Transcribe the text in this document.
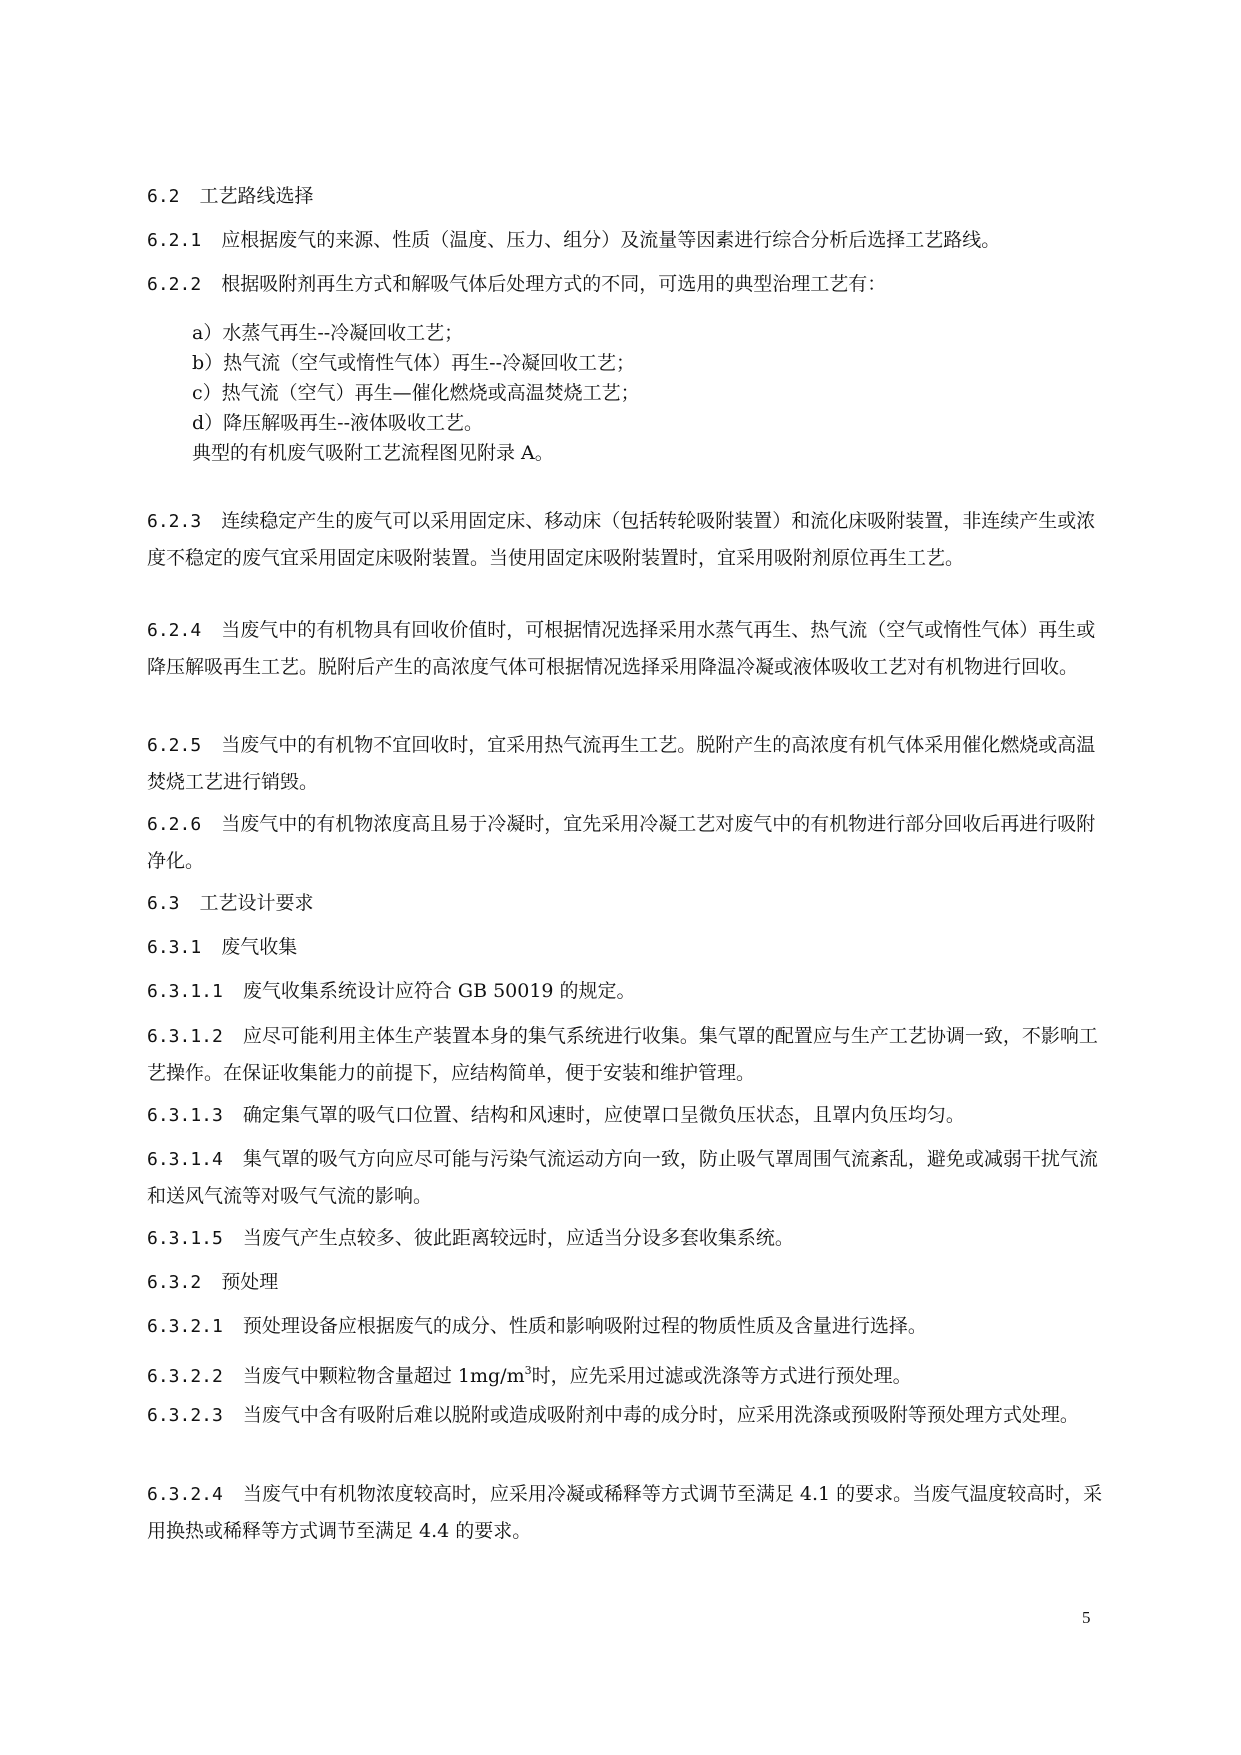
6.2 工艺路线选择

6.2.1 应根据废气的来源、性质（温度、压力、组分）及流量等因素进行综合分析后选择工艺路线。

6.2.2 根据吸附剂再生方式和解吸气体后处理方式的不同，可选用的典型治理工艺有：

a）水蒸气再生--冷凝回收工艺；

b）热气流（空气或惰性气体）再生--冷凝回收工艺；

c）热气流（空气）再生—催化燃烧或高温焚烧工艺；

d）降压解吸再生--液体吸收工艺。

典型的有机废气吸附工艺流程图见附录 A。

6.2.3 连续稳定产生的废气可以采用固定床、移动床（包括转轮吸附装置）和流化床吸附装置，非连续产生或浓度不稳定的废气宜采用固定床吸附装置。当使用固定床吸附装置时，宜采用吸附剂原位再生工艺。

6.2.4 当废气中的有机物具有回收价值时，可根据情况选择采用水蒸气再生、热气流（空气或惰性气体）再生或降压解吸再生工艺。脱附后产生的高浓度气体可根据情况选择采用降温冷凝或液体吸收工艺对有机物进行回收。

6.2.5 当废气中的有机物不宜回收时，宜采用热气流再生工艺。脱附产生的高浓度有机气体采用催化燃烧或高温焚烧工艺进行销毁。

6.2.6 当废气中的有机物浓度高且易于冷凝时，宜先采用冷凝工艺对废气中的有机物进行部分回收后再进行吸附净化。

6.3 工艺设计要求

6.3.1 废气收集

6.3.1.1 废气收集系统设计应符合 GB 50019 的规定。

6.3.1.2 应尽可能利用主体生产装置本身的集气系统进行收集。集气罩的配置应与生产工艺协调一致，不影响工艺操作。在保证收集能力的前提下，应结构简单，便于安装和维护管理。

6.3.1.3 确定集气罩的吸气口位置、结构和风速时，应使罩口呈微负压状态，且罩内负压均匀。

6.3.1.4 集气罩的吸气方向应尽可能与污染气流运动方向一致，防止吸气罩周围气流紊乱，避免或减弱干扰气流和送风气流等对吸气气流的影响。

6.3.1.5 当废气产生点较多、彼此距离较远时，应适当分设多套收集系统。

6.3.2 预处理

6.3.2.1 预处理设备应根据废气的成分、性质和影响吸附过程的物质性质及含量进行选择。

6.3.2.2 当废气中颗粒物含量超过 $1mg/m^3$时，应先采用过滤或洗涤等方式进行预处理。

6.3.2.3 当废气中含有吸附后难以脱附或造成吸附剂中毒的成分时，应采用洗涤或预吸附等预处理方式处理。

6.3.2.4 当废气中有机物浓度较高时，应采用冷凝或稀释等方式调节至满足 4.1 的要求。当废气温度较高时，采用换热或稀释等方式调节至满足 4.4 的要求。

5
